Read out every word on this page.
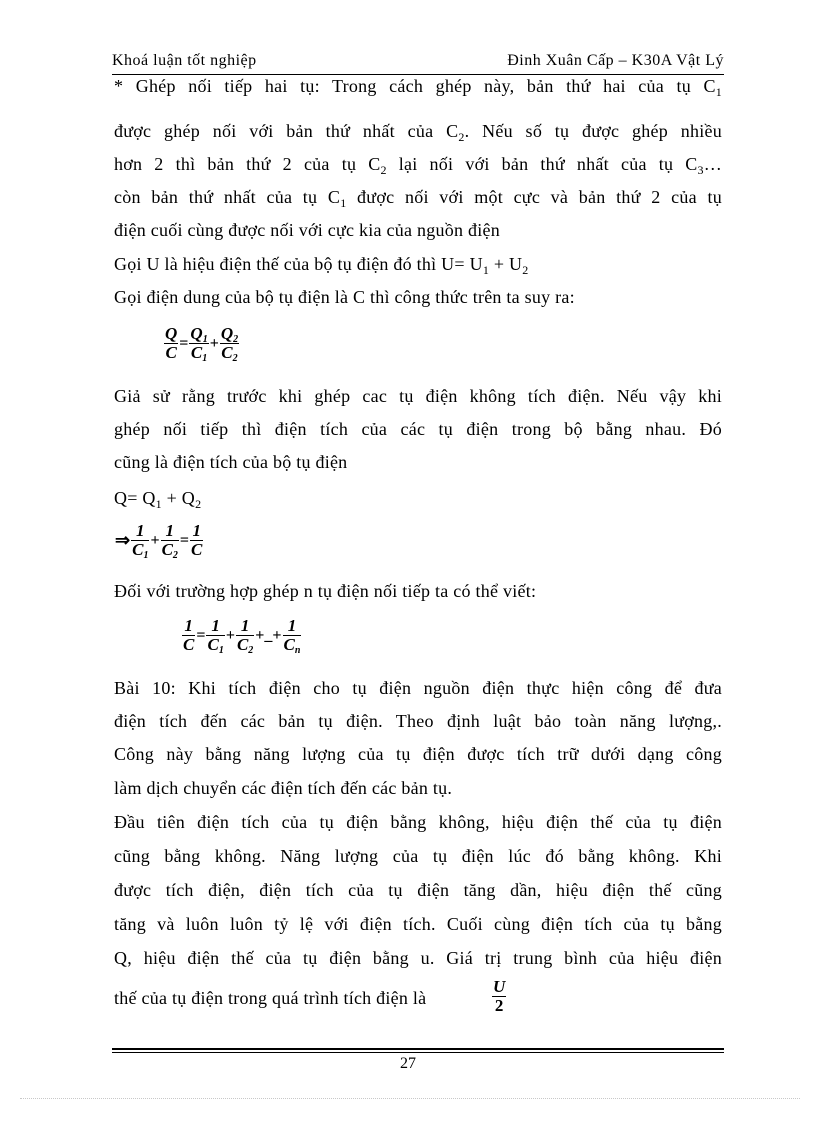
Khoá luận tốt nghiệp	Đinh Xuân Cấp – K30A Vật Lý
* Ghép nối tiếp hai tụ: Trong cách ghép này, bản thứ hai của tụ $C_1$
được ghép nối với bản thứ nhất của $C_2$. Nếu số tụ được ghép nhiều
hơn 2 thì bản thứ 2 của tụ $C_2$ lại nối với bản thứ nhất của tụ $C_3\dots$
còn bản thứ nhất của tụ $C_1$ được nối với một cực và bản thứ 2 của tụ
điện cuối cùng được nối với cực kia của nguồn điện
Gọi U là hiệu điện thế của bộ tụ điện đó thì $U= U_1 + U_2$
Gọi điện dung của bộ tụ điện là C thì công thức trên ta suy ra:
$\frac{Q}{C} = \frac{Q1}{C1} + \frac{Q2}{C2}$
Giả sử rằng trước khi ghép cac tụ điện không tích điện. Nếu vậy khi
ghép nối tiếp thì điện tích của các tụ điện trong bộ bằng nhau. Đó
cũng là điện tích của bộ tụ điện
$Q= Q_1 + Q_2$
⇒ $\frac{1}{C1} + \frac{1}{C2} = \frac{1}{C}$
Đối với trường hợp ghép n tụ điện nối tiếp ta có thể viết:
$\frac{1}{C} = \frac{1}{C1} + \frac{1}{C2}$ +_+ $\frac{1}{Cn}$
Bài 10: Khi tích điện cho tụ điện nguồn điện thực hiện công để đưa
điện tích đến các bản tụ điện. Theo định luật bảo toàn năng lượng,.
Công này bằng năng lượng của tụ điện được tích trữ dưới dạng công
làm dịch chuyển các điện tích đến các bản tụ.
Đầu tiên điện tích của tụ điện bằng không, hiệu điện thế của tụ điện
cũng bằng không. Năng lượng của tụ điện lúc đó bằng không. Khi
được tích điện, điện tích của tụ điện tăng dần, hiệu điện thế cũng
tăng và luôn luôn tỷ lệ với điện tích. Cuối cùng điện tích của tụ bằng
Q, hiệu điện thế của tụ điện bằng u. Giá trị trung bình của hiệu điện
thế của tụ điện trong quá trình tích điện là	$\frac{U}{2}$
27
